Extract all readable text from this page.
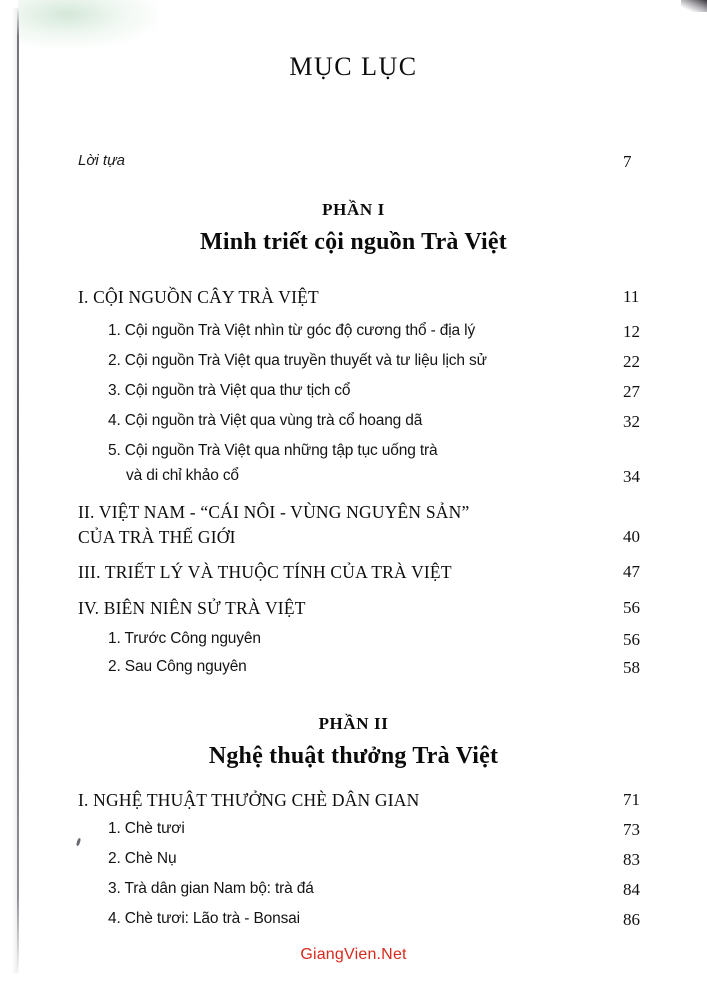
MỤC LỤC
Lời tựa	7
PHẦN I
Minh triết cội nguồn Trà Việt
I. CỘI NGUỒN CÂY TRÀ VIỆT	11
1. Cội nguồn Trà Việt nhìn từ góc độ cương thổ - địa lý	12
2. Cội nguồn Trà Việt qua truyền thuyết và tư liệu lịch sử	22
3. Cội nguồn trà Việt qua thư tịch cổ	27
4. Cội nguồn trà Việt qua vùng trà cổ hoang dã	32
5. Cội nguồn Trà Việt qua những tập tục uống trà
và di chỉ khảo cổ	34
II. VIỆT NAM - “CÁI NÔI - VÙNG NGUYÊN SẢN”
CỦA TRÀ THẾ GIỚI	40
III. TRIẾT LÝ VÀ THUỘC TÍNH CỦA TRÀ VIỆT	47
IV. BIÊN NIÊN SỬ TRÀ VIỆT	56
1. Trước Công nguyên	56
2. Sau Công nguyên	58
PHẦN II
Nghệ thuật thưởng Trà Việt
I. NGHỆ THUẬT THƯỞNG CHÈ DÂN GIAN	71
1. Chè tươi	73
2. Chè Nụ	83
3. Trà dân gian Nam bộ: trà đá	84
4. Chè tươi: Lão trà - Bonsai	86
GiangVien.Net
